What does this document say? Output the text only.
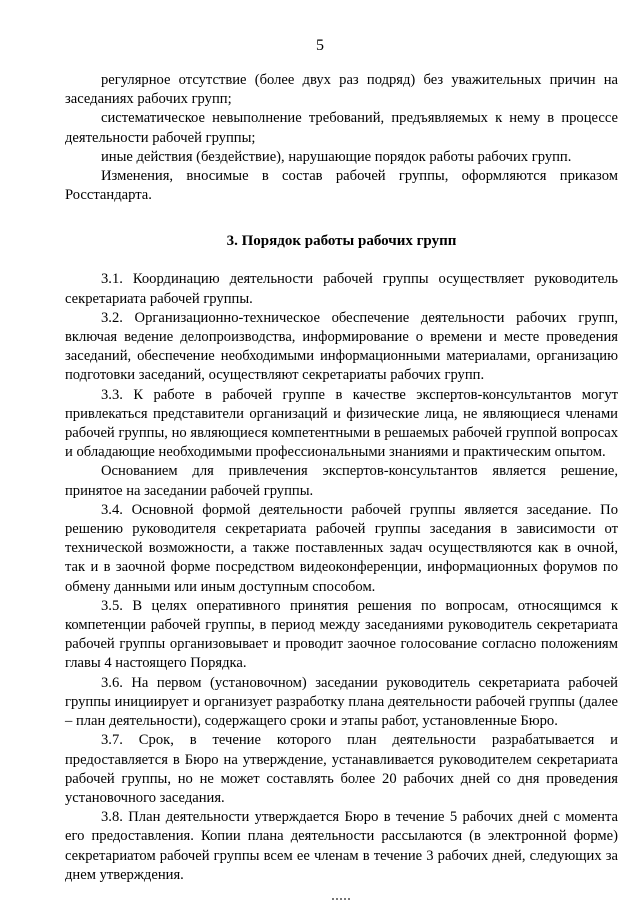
5

регулярное отсутствие (более двух раз подряд) без уважительных причин на заседаниях рабочих групп;

систематическое невыполнение требований, предъявляемых к нему в процессе деятельности рабочей группы;

иные действия (бездействие), нарушающие порядок работы рабочих групп.

Изменения, вносимые в состав рабочей группы, оформляются приказом Росстандарта.

3. Порядок работы рабочих групп

3.1. Координацию деятельности рабочей группы осуществляет руководитель секретариата рабочей группы.

3.2. Организационно-техническое обеспечение деятельности рабочих групп, включая ведение делопроизводства, информирование о времени и месте проведения заседаний, обеспечение необходимыми информационными материалами, организацию подготовки заседаний, осуществляют секретариаты рабочих групп.

3.3. К работе в рабочей группе в качестве экспертов-консультантов могут привлекаться представители организаций и физические лица, не являющиеся членами рабочей группы, но являющиеся компетентными в решаемых рабочей группой вопросах и обладающие необходимыми профессиональными знаниями и практическим опытом.

Основанием для привлечения экспертов-консультантов является решение, принятое на заседании рабочей группы.

3.4. Основной формой деятельности рабочей группы является заседание. По решению руководителя секретариата рабочей группы заседания в зависимости от технической возможности, а также поставленных задач осуществляются как в очной, так и в заочной форме посредством видеоконференции, информационных форумов по обмену данными или иным доступным способом.

3.5. В целях оперативного принятия решения по вопросам, относящимся к компетенции рабочей группы, в период между заседаниями руководитель секретариата рабочей группы организовывает и проводит заочное голосование согласно положениям главы 4 настоящего Порядка.

3.6. На первом (установочном) заседании руководитель секретариата рабочей группы инициирует и организует разработку плана деятельности рабочей группы (далее – план деятельности), содержащего сроки и этапы работ, установленные Бюро.

3.7. Срок, в течение которого план деятельности разрабатывается и предоставляется в Бюро на утверждение, устанавливается руководителем секретариата рабочей группы, но не может составлять более 20 рабочих дней со дня проведения установочного заседания.

3.8. План деятельности утверждается Бюро в течение 5 рабочих дней с момента его предоставления. Копии плана деятельности рассылаются (в электронной форме) секретариатом рабочей группы всем ее членам в течение 3 рабочих дней, следующих за днем утверждения.
